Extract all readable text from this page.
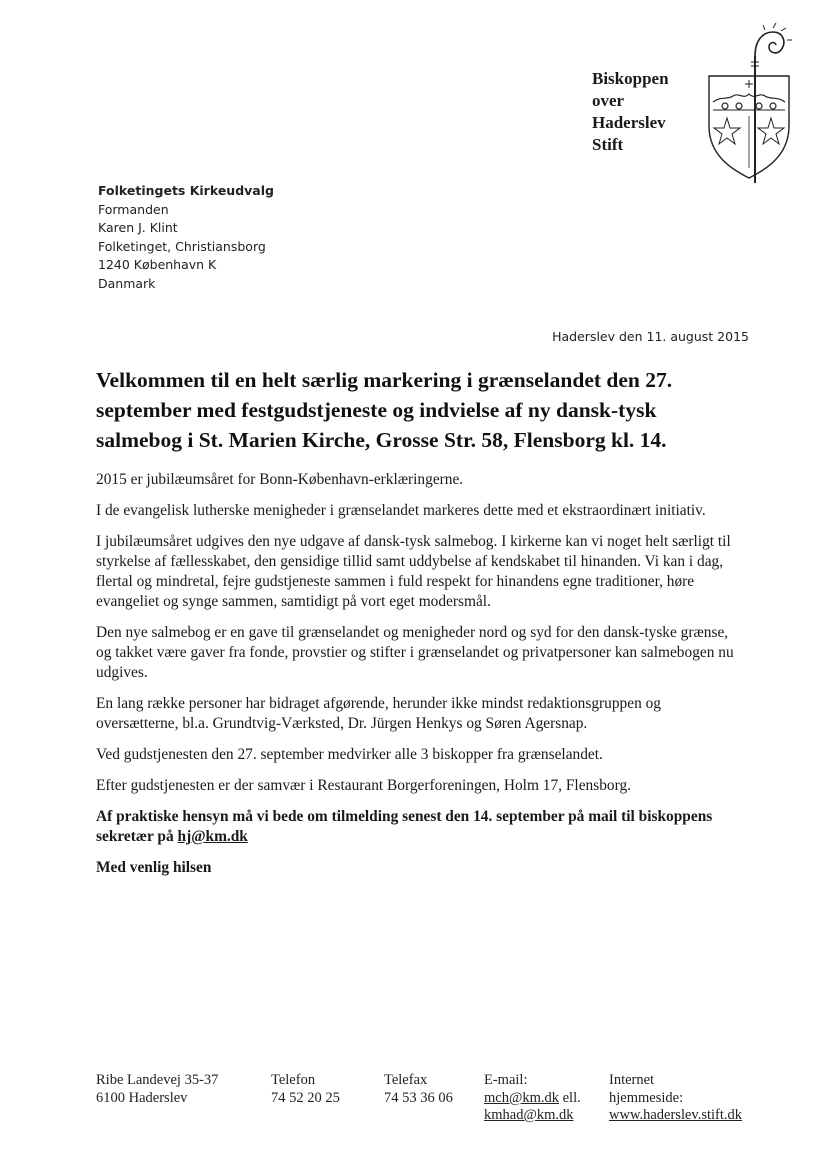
Biskoppen
over
Haderslev
Stift
Folketingets Kirkeudvalg
Formanden
Karen J. Klint
Folketinget, Christiansborg
1240 København K
Danmark
Haderslev den 11. august 2015
Velkommen til en helt særlig markering i grænselandet den 27. september med festgudstjeneste og indvielse af ny dansk-tysk salmebog i St. Marien Kirche, Grosse Str. 58, Flensborg kl. 14.

2015 er jubilæumsåret for Bonn-København-erklæringerne.

I de evangelisk lutherske menigheder i grænselandet markeres dette med et ekstraordinært initiativ.

I jubilæumsåret udgives den nye udgave af dansk-tysk salmebog. I kirkerne kan vi noget helt særligt til styrkelse af fællesskabet, den gensidige tillid samt uddybelse af kendskabet til hinanden. Vi kan i dag, flertal og mindretal, fejre gudstjeneste sammen i fuld respekt for hinandens egne traditioner, høre evangeliet og synge sammen, samtidigt på vort eget modersmål.

Den nye salmebog er en gave til grænselandet og menigheder nord og syd for den dansk-tyske grænse, og takket være gaver fra fonde, provstier og stifter i grænselandet og privatpersoner kan salmebogen nu udgives.

En lang række personer har bidraget afgørende, herunder ikke mindst redaktionsgruppen og oversætterne, bl.a. Grundtvig-Værksted, Dr. Jürgen Henkys og Søren Agersnap.

Ved gudstjenesten den 27. september medvirker alle 3 biskopper fra grænselandet.

Efter gudstjenesten er der samvær i Restaurant Borgerforeningen, Holm 17, Flensborg.

Af praktiske hensyn må vi bede om tilmelding senest den 14. september på mail til biskoppens sekretær på hj@km.dk

Med venlig hilsen

Ribe Landevej 35-37
6100 Haderslev
Telefon
74 52 20 25
Telefax
74 53 36 06
E-mail:
mch@km.dk ell.
kmhad@km.dk
Internet
hjemmeside:
www.haderslev.stift.dk
